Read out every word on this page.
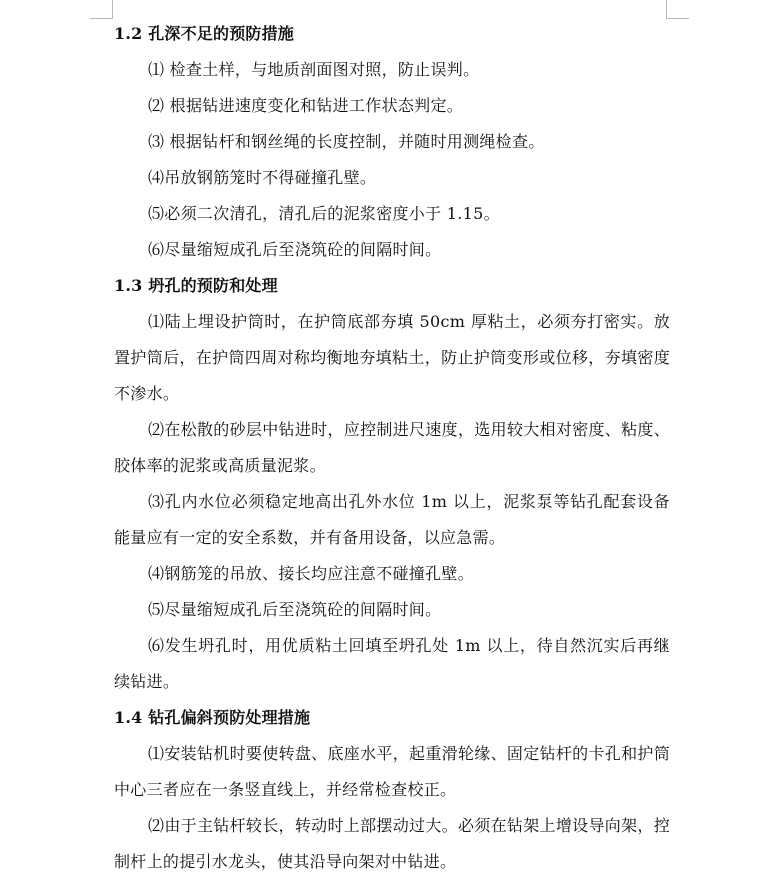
1.2 孔深不足的预防措施
⑴ 检查土样，与地质剖面图对照，防止误判。
⑵ 根据钻进速度变化和钻进工作状态判定。
⑶ 根据钻杆和钢丝绳的长度控制，并随时用测绳检查。
⑷吊放钢筋笼时不得碰撞孔壁。
⑸必须二次清孔，清孔后的泥浆密度小于 1.15。
⑹尽量缩短成孔后至浇筑砼的间隔时间。
1.3 坍孔的预防和处理
⑴陆上埋设护筒时，在护筒底部夯填 50cm 厚粘土，必须夯打密实。放置护筒后，在护筒四周对称均衡地夯填粘土，防止护筒变形或位移，夯填密度不渗水。
⑵在松散的砂层中钻进时，应控制进尺速度，选用较大相对密度、粘度、胶体率的泥浆或高质量泥浆。
⑶孔内水位必须稳定地高出孔外水位 1m 以上，泥浆泵等钻孔配套设备能量应有一定的安全系数，并有备用设备，以应急需。
⑷钢筋笼的吊放、接长均应注意不碰撞孔壁。
⑸尽量缩短成孔后至浇筑砼的间隔时间。
⑹发生坍孔时，用优质粘土回填至坍孔处 1m 以上，待自然沉实后再继续钻进。
1.4 钻孔偏斜预防处理措施
⑴安装钻机时要使转盘、底座水平，起重滑轮缘、固定钻杆的卡孔和护筒中心三者应在一条竖直线上，并经常检查校正。
⑵由于主钻杆较长，转动时上部摆动过大。必须在钻架上增设导向架，控 制杆上的提引水龙头，使其沿导向架对中钻进。
